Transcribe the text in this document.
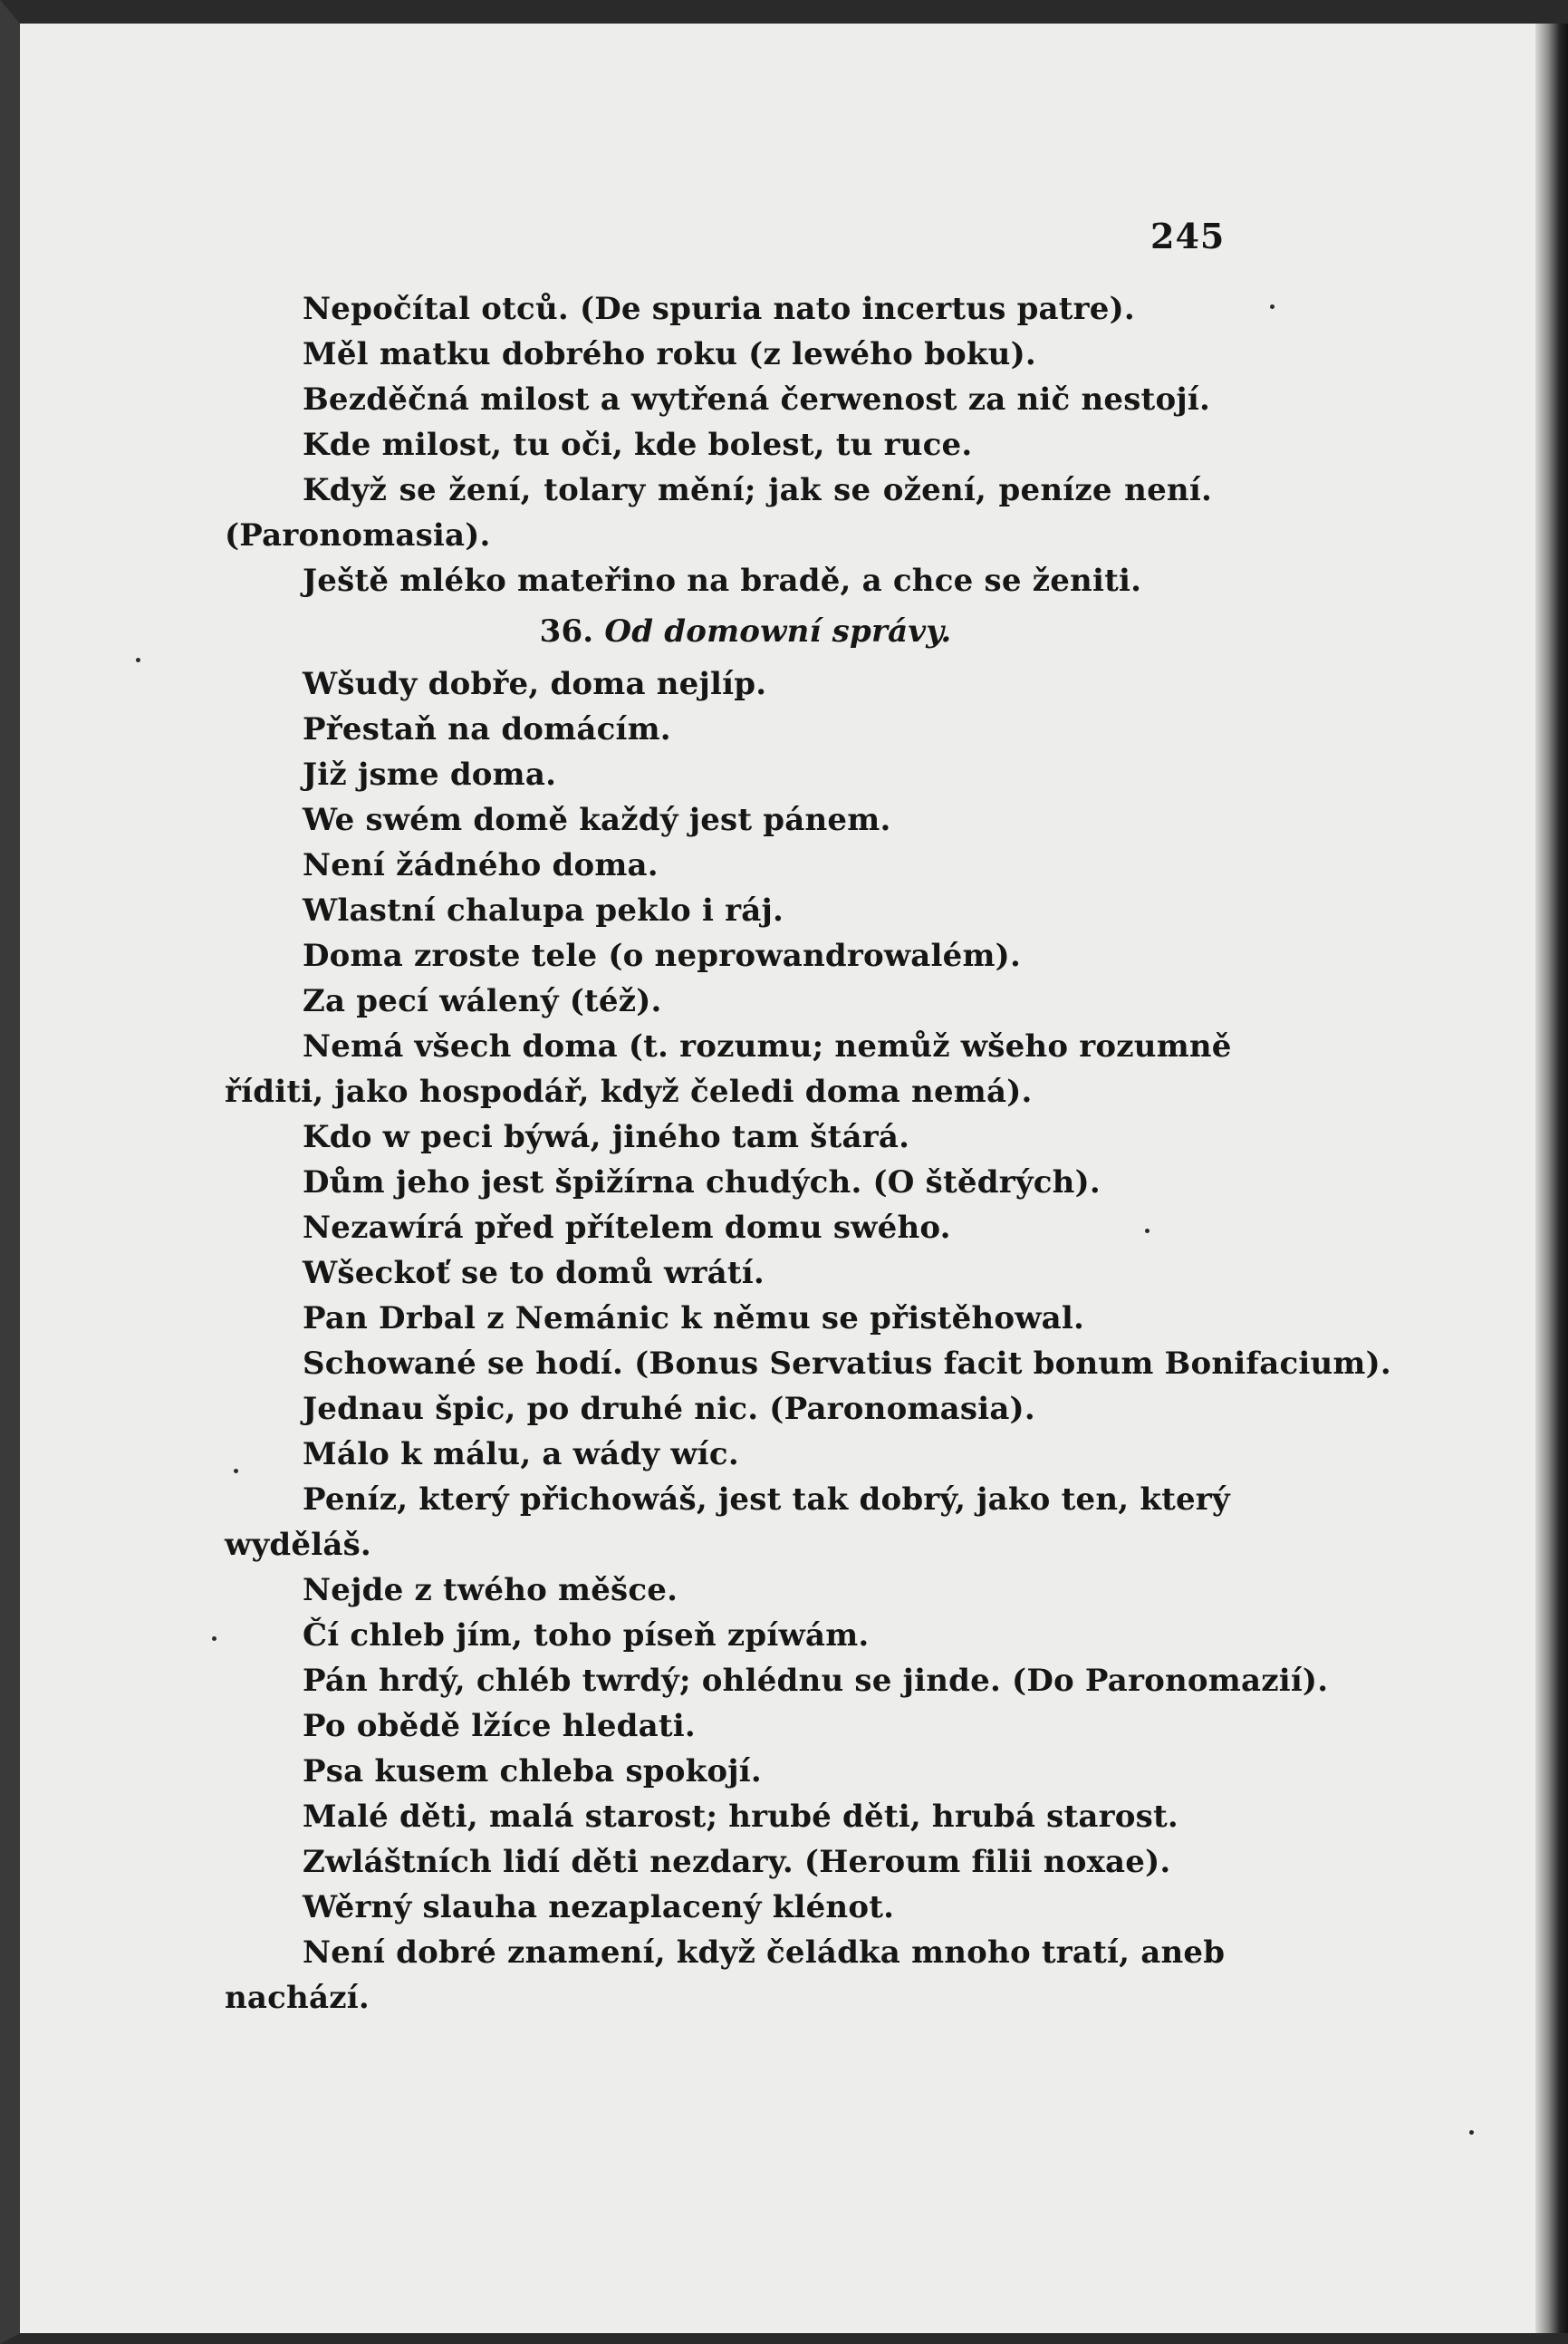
245

Nepočítal otců. (De spuria nato incertus patre).
Měl matku dobrého roku (z lewého boku).
Bezděčná milost a wytřená čerwenost za nič nestojí.
Kde milost, tu oči, kde bolest, tu ruce.
Když se žení, tolary mění; jak se ožení, peníze není.
(Paronomasia).
Ještě mléko mateřino na bradě, a chce se ženiti.
36. Od domowní správy.
Wšudy dobře, doma nejlíp.
Přestaň na domácím.
Již jsme doma.
We swém domě každý jest pánem.
Není žádného doma.
Wlastní chalupa peklo i ráj.
Doma zroste tele (o neprowandrowalém).
Za pecí wálený (též).
Nemá všech doma (t. rozumu; nemůž wšeho rozumně
říditi, jako hospodář, když čeledi doma nemá).
Kdo w peci býwá, jiného tam štárá.
Dům jeho jest špižírna chudých. (O štědrých).
Nezawírá před přítelem domu swého.
Wšeckoť se to domů wrátí.
Pan Drbal z Nemánic k němu se přistěhowal.
Schowané se hodí. (Bonus Servatius facit bonum Bonifacium).
Jednau špic, po druhé nic. (Paronomasia).
Málo k málu, a wády wíc.
Peníz, který přichowáš, jest tak dobrý, jako ten, který
wyděláš.
Nejde z twého měšce.
Čí chleb jím, toho píseň zpíwám.
Pán hrdý, chléb twrdý; ohlédnu se jinde. (Do Paronomazií).
Po obědě lžíce hledati.
Psa kusem chleba spokojí.
Malé děti, malá starost; hrubé děti, hrubá starost.
Zwláštních lidí děti nezdary. (Heroum filii noxae).
Wěrný slauha nezaplacený klénot.
Není dobré znamení, když čeládka mnoho tratí, aneb
nachází.
